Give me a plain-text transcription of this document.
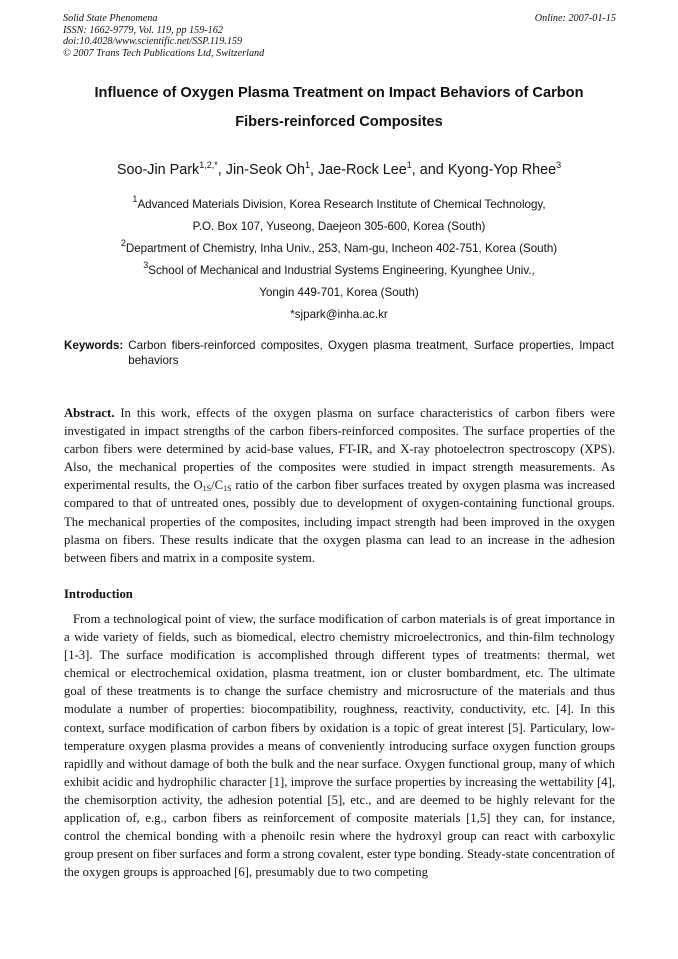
Solid State Phenomena
ISSN: 1662-9779, Vol. 119, pp 159-162
doi:10.4028/www.scientific.net/SSP.119.159
© 2007 Trans Tech Publications Ltd, Switzerland
Online: 2007-01-15
Influence of Oxygen Plasma Treatment on Impact Behaviors of Carbon
Fibers-reinforced Composites
Soo-Jin Park$^{1,2,*}$, Jin-Seok Oh$^1$, Jae-Rock Lee$^1$, and Kyong-Yop Rhee$^3$
$^1$Advanced Materials Division, Korea Research Institute of Chemical Technology,
P.O. Box 107, Yuseong, Daejeon 305-600, Korea (South)
$^2$Department of Chemistry, Inha Univ., 253, Nam-gu, Incheon 402-751, Korea (South)
$^3$School of Mechanical and Industrial Systems Engineering, Kyunghee Univ.,
Yongin 449-701, Korea (South)
*sjpark@inha.ac.kr
Keywords: Carbon fibers-reinforced composites, Oxygen plasma treatment, Surface properties, Impact behaviors
Abstract. In this work, effects of the oxygen plasma on surface characteristics of carbon fibers were investigated in impact strengths of the carbon fibers-reinforced composites. The surface properties of the carbon fibers were determined by acid-base values, FT-IR, and X-ray photoelectron spectroscopy (XPS). Also, the mechanical properties of the composites were studied in impact strength measurements. As experimental results, the $O_{1S}/C_{1S}$ ratio of the carbon fiber surfaces treated by oxygen plasma was increased compared to that of untreated ones, possibly due to development of oxygen-containing functional groups. The mechanical properties of the composites, including impact strength had been improved in the oxygen plasma on fibers. These results indicate that the oxygen plasma can lead to an increase in the adhesion between fibers and matrix in a composite system.
Introduction
From a technological point of view, the surface modification of carbon materials is of great importance in a wide variety of fields, such as biomedical, electro chemistry microelectronics, and thin-film technology [1-3]. The surface modification is accomplished through different types of treatments: thermal, wet chemical or electrochemical oxidation, plasma treatment, ion or cluster bombardment, etc. The ultimate goal of these treatments is to change the surface chemistry and microsructure of the materials and thus modulate a number of properties: biocompatibility, roughness, reactivity, conductivity, etc. [4]. In this context, surface modification of carbon fibers by oxidation is a topic of great interest [5]. Particulary, low-temperature oxygen plasma provides a means of conveniently introducing surface oxygen function groups rapidlly and without damage of both the bulk and the near surface. Oxygen functional group, many of which exhibit acidic and hydrophilic character [1], improve the surface properties by increasing the wettability [4], the chemisorption activity, the adhesion potential [5], etc., and are deemed to be highly relevant for the application of, e.g., carbon fibers as reinforcement of composite materials [1,5] they can, for instance, control the chemical bonding with a phenoilc resin where the hydroxyl group can react with carboxylic group present on fiber surfaces and form a strong covalent, ester type bonding. Steady-state concentration of the oxygen groups is approached [6], presumably due to two competing
